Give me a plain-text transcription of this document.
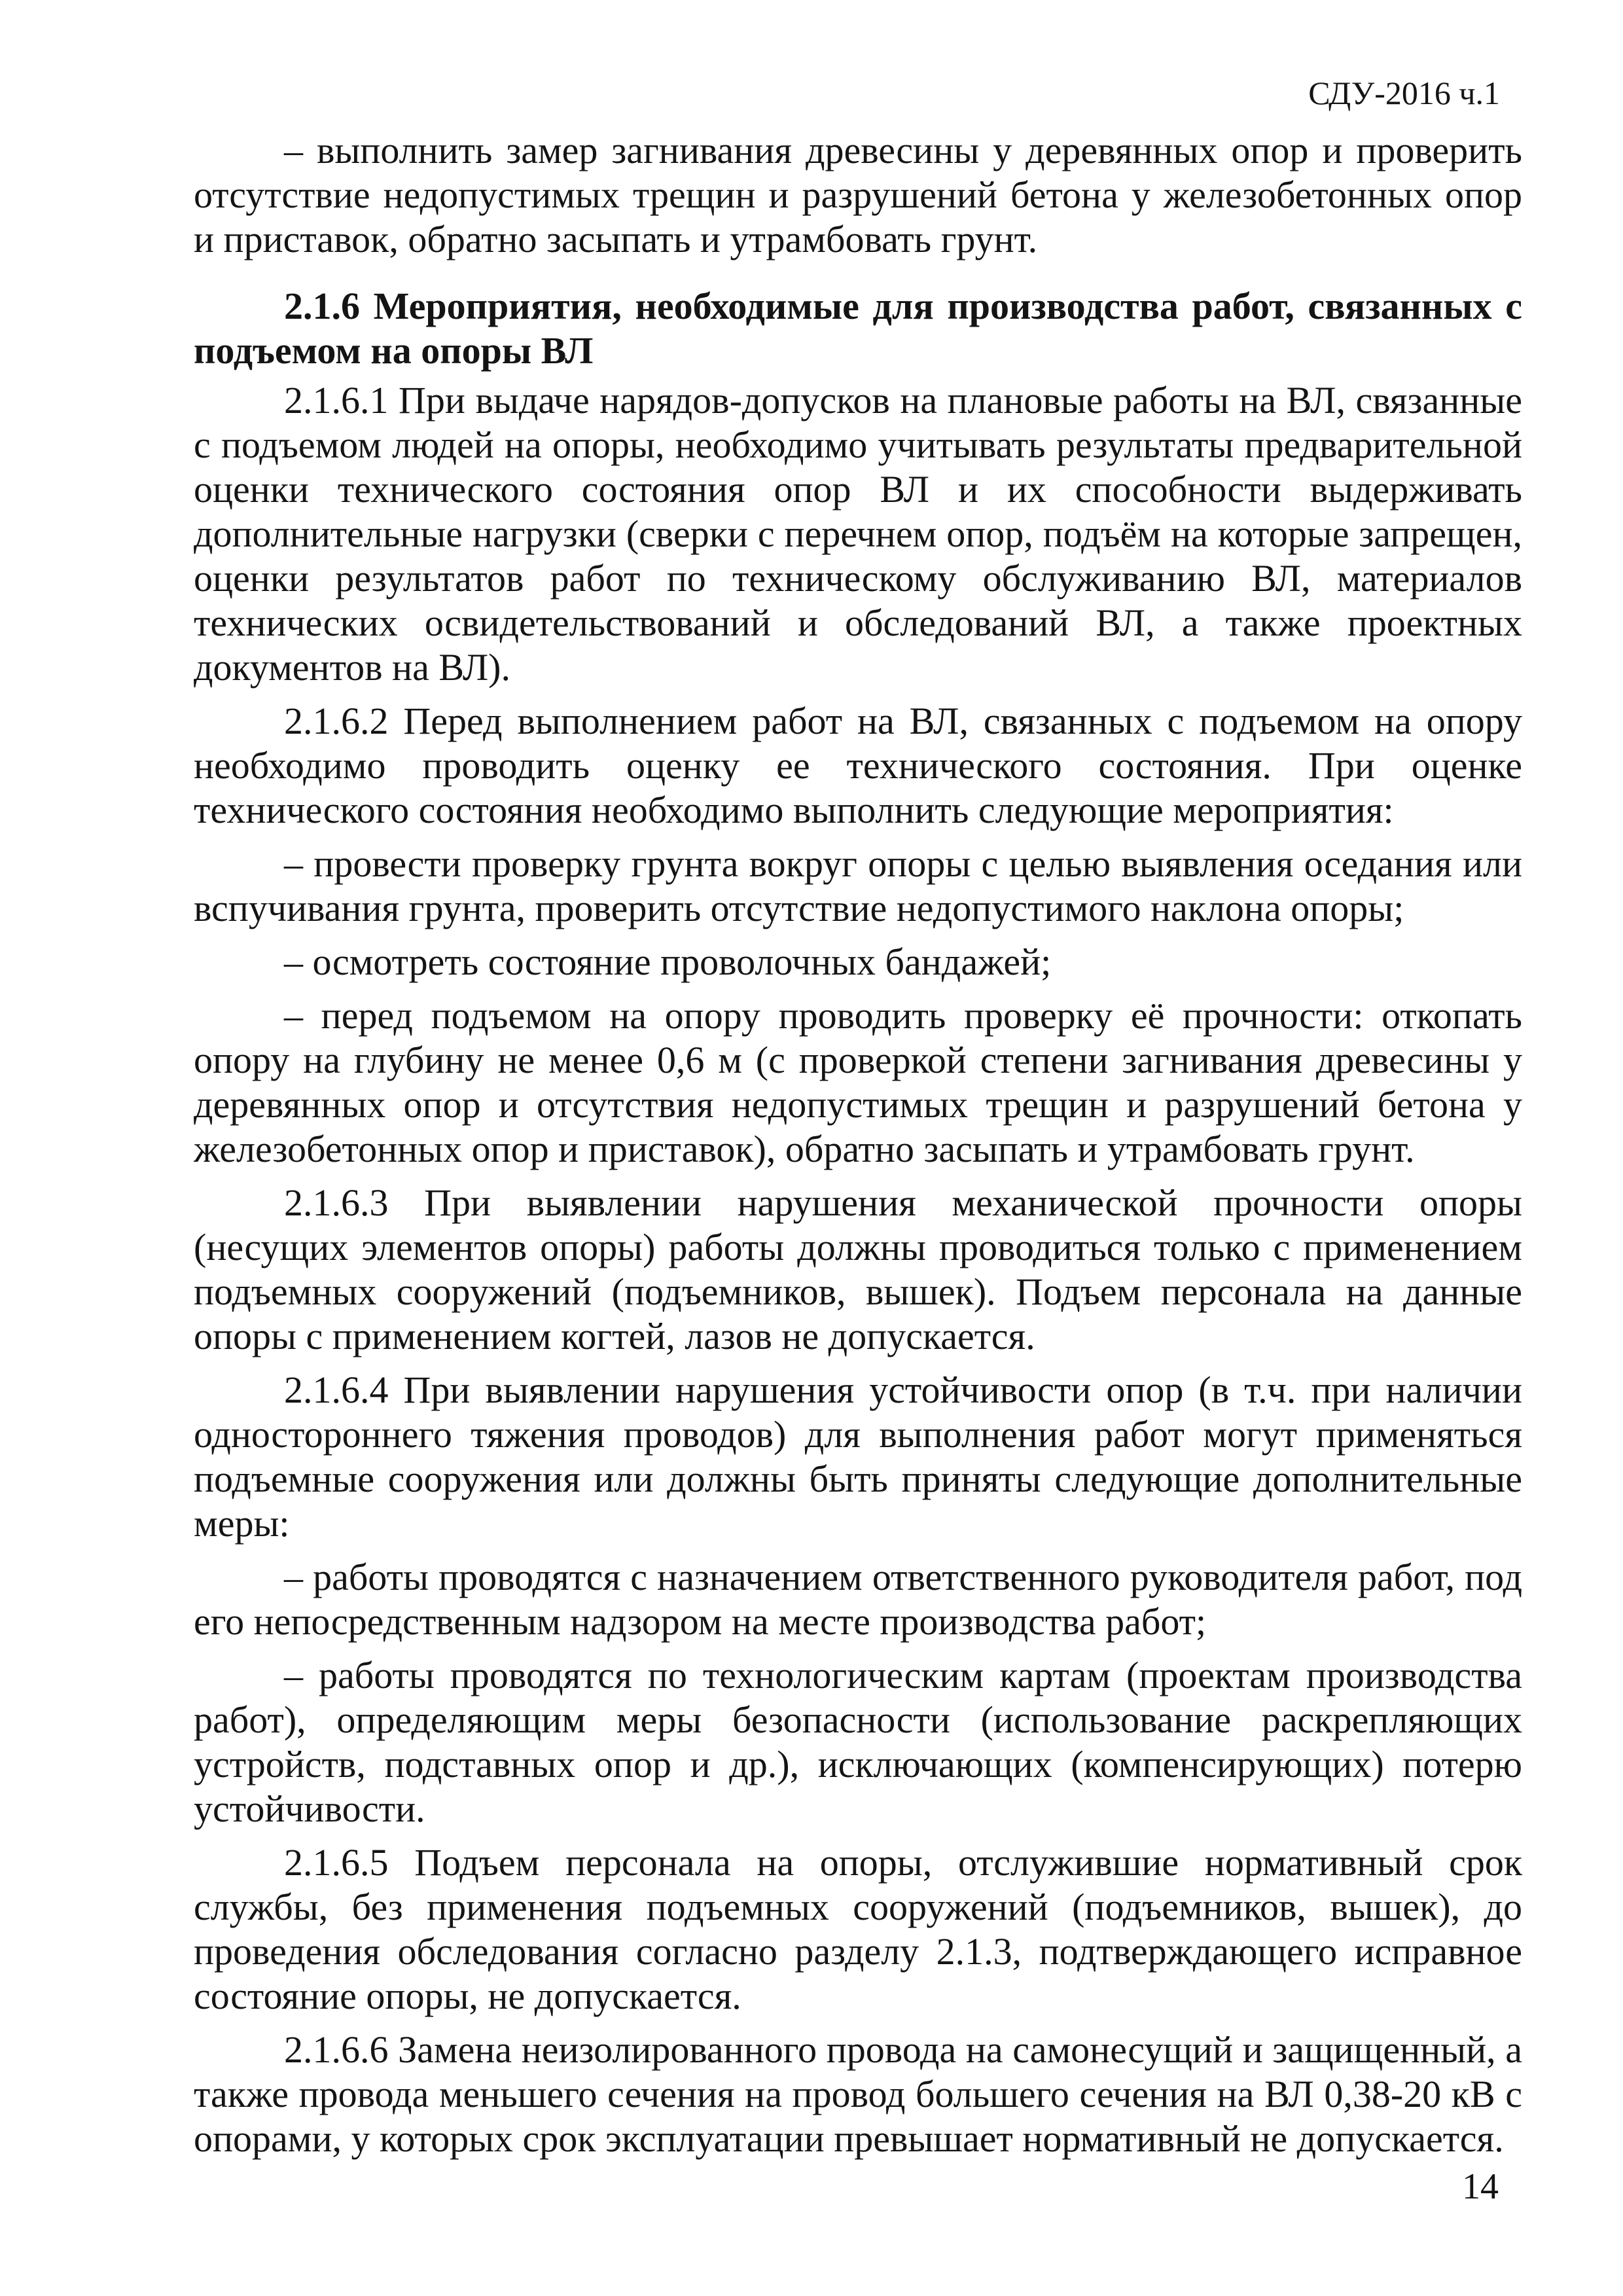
СДУ-2016 ч.1

– выполнить замер загнивания древесины у деревянных опор и проверить отсутствие недопустимых трещин и разрушений бетона у железобетонных опор и приставок, обратно засыпать и утрамбовать грунт.

2.1.6 Мероприятия, необходимые для производства работ, связанных с подъемом на опоры ВЛ

2.1.6.1 При выдаче нарядов-допусков на плановые работы на ВЛ, связанные с подъемом людей на опоры, необходимо учитывать результаты предварительной оценки технического состояния опор ВЛ и их способности выдерживать дополнительные нагрузки (сверки с перечнем опор, подъём на которые запрещен, оценки результатов работ по техническому обслуживанию ВЛ, материалов технических освидетельствований и обследований ВЛ, а также проектных документов на ВЛ).

2.1.6.2 Перед выполнением работ на ВЛ, связанных с подъемом на опору необходимо проводить оценку ее технического состояния. При оценке технического состояния необходимо выполнить следующие мероприятия:

– провести проверку грунта вокруг опоры с целью выявления оседания или вспучивания грунта, проверить отсутствие недопустимого наклона опоры;

– осмотреть состояние проволочных бандажей;

– перед подъемом на опору проводить проверку её прочности: откопать опору на глубину не менее 0,6 м (с проверкой степени загнивания древесины у деревянных опор и отсутствия недопустимых трещин и разрушений бетона у железобетонных опор и приставок), обратно засыпать и утрамбовать грунт.

2.1.6.3 При выявлении нарушения механической прочности опоры (несущих элементов опоры) работы должны проводиться только с применением подъемных сооружений (подъемников, вышек). Подъем персонала на данные опоры с применением когтей, лазов не допускается.

2.1.6.4 При выявлении нарушения устойчивости опор (в т.ч. при наличии одностороннего тяжения проводов) для выполнения работ могут применяться подъемные сооружения или должны быть приняты следующие дополнительные меры:

– работы проводятся с назначением ответственного руководителя работ, под его непосредственным надзором на месте производства работ;

– работы проводятся по технологическим картам (проектам производства работ), определяющим меры безопасности (использование раскрепляющих устройств, подставных опор и др.), исключающих (компенсирующих) потерю устойчивости.

2.1.6.5 Подъем персонала на опоры, отслужившие нормативный срок службы, без применения подъемных сооружений (подъемников, вышек), до проведения обследования согласно разделу 2.1.3, подтверждающего исправное состояние опоры, не допускается.

2.1.6.6 Замена неизолированного провода на самонесущий и защищенный, а также провода меньшего сечения на провод большего сечения на ВЛ 0,38-20 кВ с опорами, у которых срок эксплуатации превышает нормативный не допускается.

14
